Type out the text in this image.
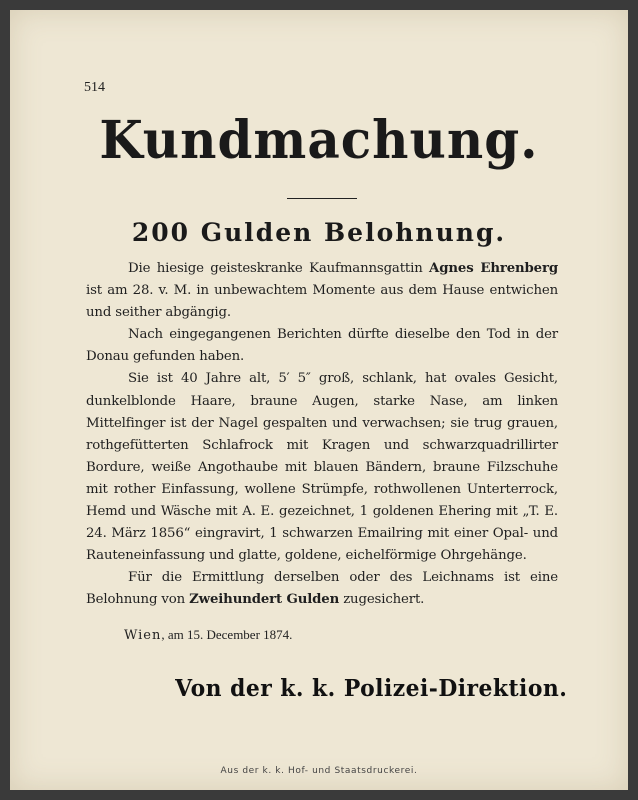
514
Kundmachung.
200 Gulden Belohnung.

Die hiesige geisteskranke Kaufmannsgattin Agnes Ehrenberg ist am 28. v. M. in unbewachtem Momente aus dem Hause entwichen und seither abgängig.

Nach eingegangenen Berichten dürfte dieselbe den Tod in der Donau gefunden haben.

Sie ist 40 Jahre alt, 5′ 5″ groß, schlank, hat ovales Gesicht, dunkelblonde Haare, braune Augen, starke Nase, am linken Mittelfinger ist der Nagel gespalten und verwachsen; sie trug grauen, rothgefütterten Schlafrock mit Kragen und schwarzquadrillirter Bordure, weiße Angothaube mit blauen Bändern, braune Filzschuhe mit rother Einfassung, wollene Strümpfe, rothwollenen Unterterrock, Hemd und Wäsche mit A. E. gezeichnet, 1 goldenen Ehering mit „T. E. 24. März 1856“ eingravirt, 1 schwarzen Emailring mit einer Opal- und Rauteneinfassung und glatte, goldene, eichelförmige Ohrgehänge.

Für die Ermittlung derselben oder des Leichnams ist eine Belohnung von Zweihundert Gulden zugesichert.

Wien, am 15. December 1874.
Von der k. k. Polizei-Direktion.
Aus der k. k. Hof- und Staatsdruckerei.
